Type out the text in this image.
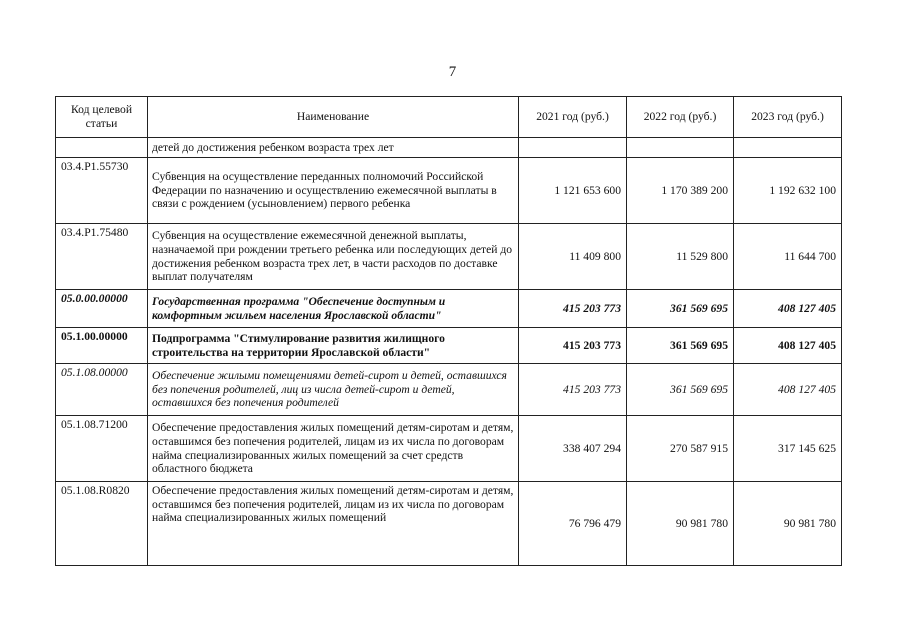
7
Код целевой статьи	Наименование	2021 год (руб.)	2022 год (руб.)	2023 год (руб.)
	детей до достижения ребенком возраста трех лет			
03.4.P1.55730	Субвенция на осуществление переданных полномочий Российской Федерации по назначению и осуществлению ежемесячной выплаты в связи с рождением (усыновлением) первого ребенка	1 121 653 600	1 170 389 200	1 192 632 100
03.4.P1.75480	Субвенция на осуществление ежемесячной денежной выплаты, назначаемой при рождении третьего ребенка или последующих детей до достижения ребенком возраста трех лет, в части расходов по доставке выплат получателям	11 409 800	11 529 800	11 644 700
05.0.00.00000	Государственная программа "Обеспечение доступным и комфортным жильем населения Ярославской области"	415 203 773	361 569 695	408 127 405
05.1.00.00000	Подпрограмма "Стимулирование развития жилищного строительства на территории Ярославской области"	415 203 773	361 569 695	408 127 405
05.1.08.00000	Обеспечение жилыми помещениями детей-сирот и детей, оставшихся без попечения родителей, лиц из числа детей-сирот и детей, оставшихся без попечения родителей	415 203 773	361 569 695	408 127 405
05.1.08.71200	Обеспечение предоставления жилых помещений детям-сиротам и детям, оставшимся без попечения родителей, лицам из их числа по договорам найма специализированных жилых помещений за счет средств областного бюджета	338 407 294	270 587 915	317 145 625
05.1.08.R0820	Обеспечение предоставления жилых помещений детям-сиротам и детям, оставшимся без попечения родителей, лицам из их числа по договорам найма специализированных жилых помещений	76 796 479	90 981 780	90 981 780
